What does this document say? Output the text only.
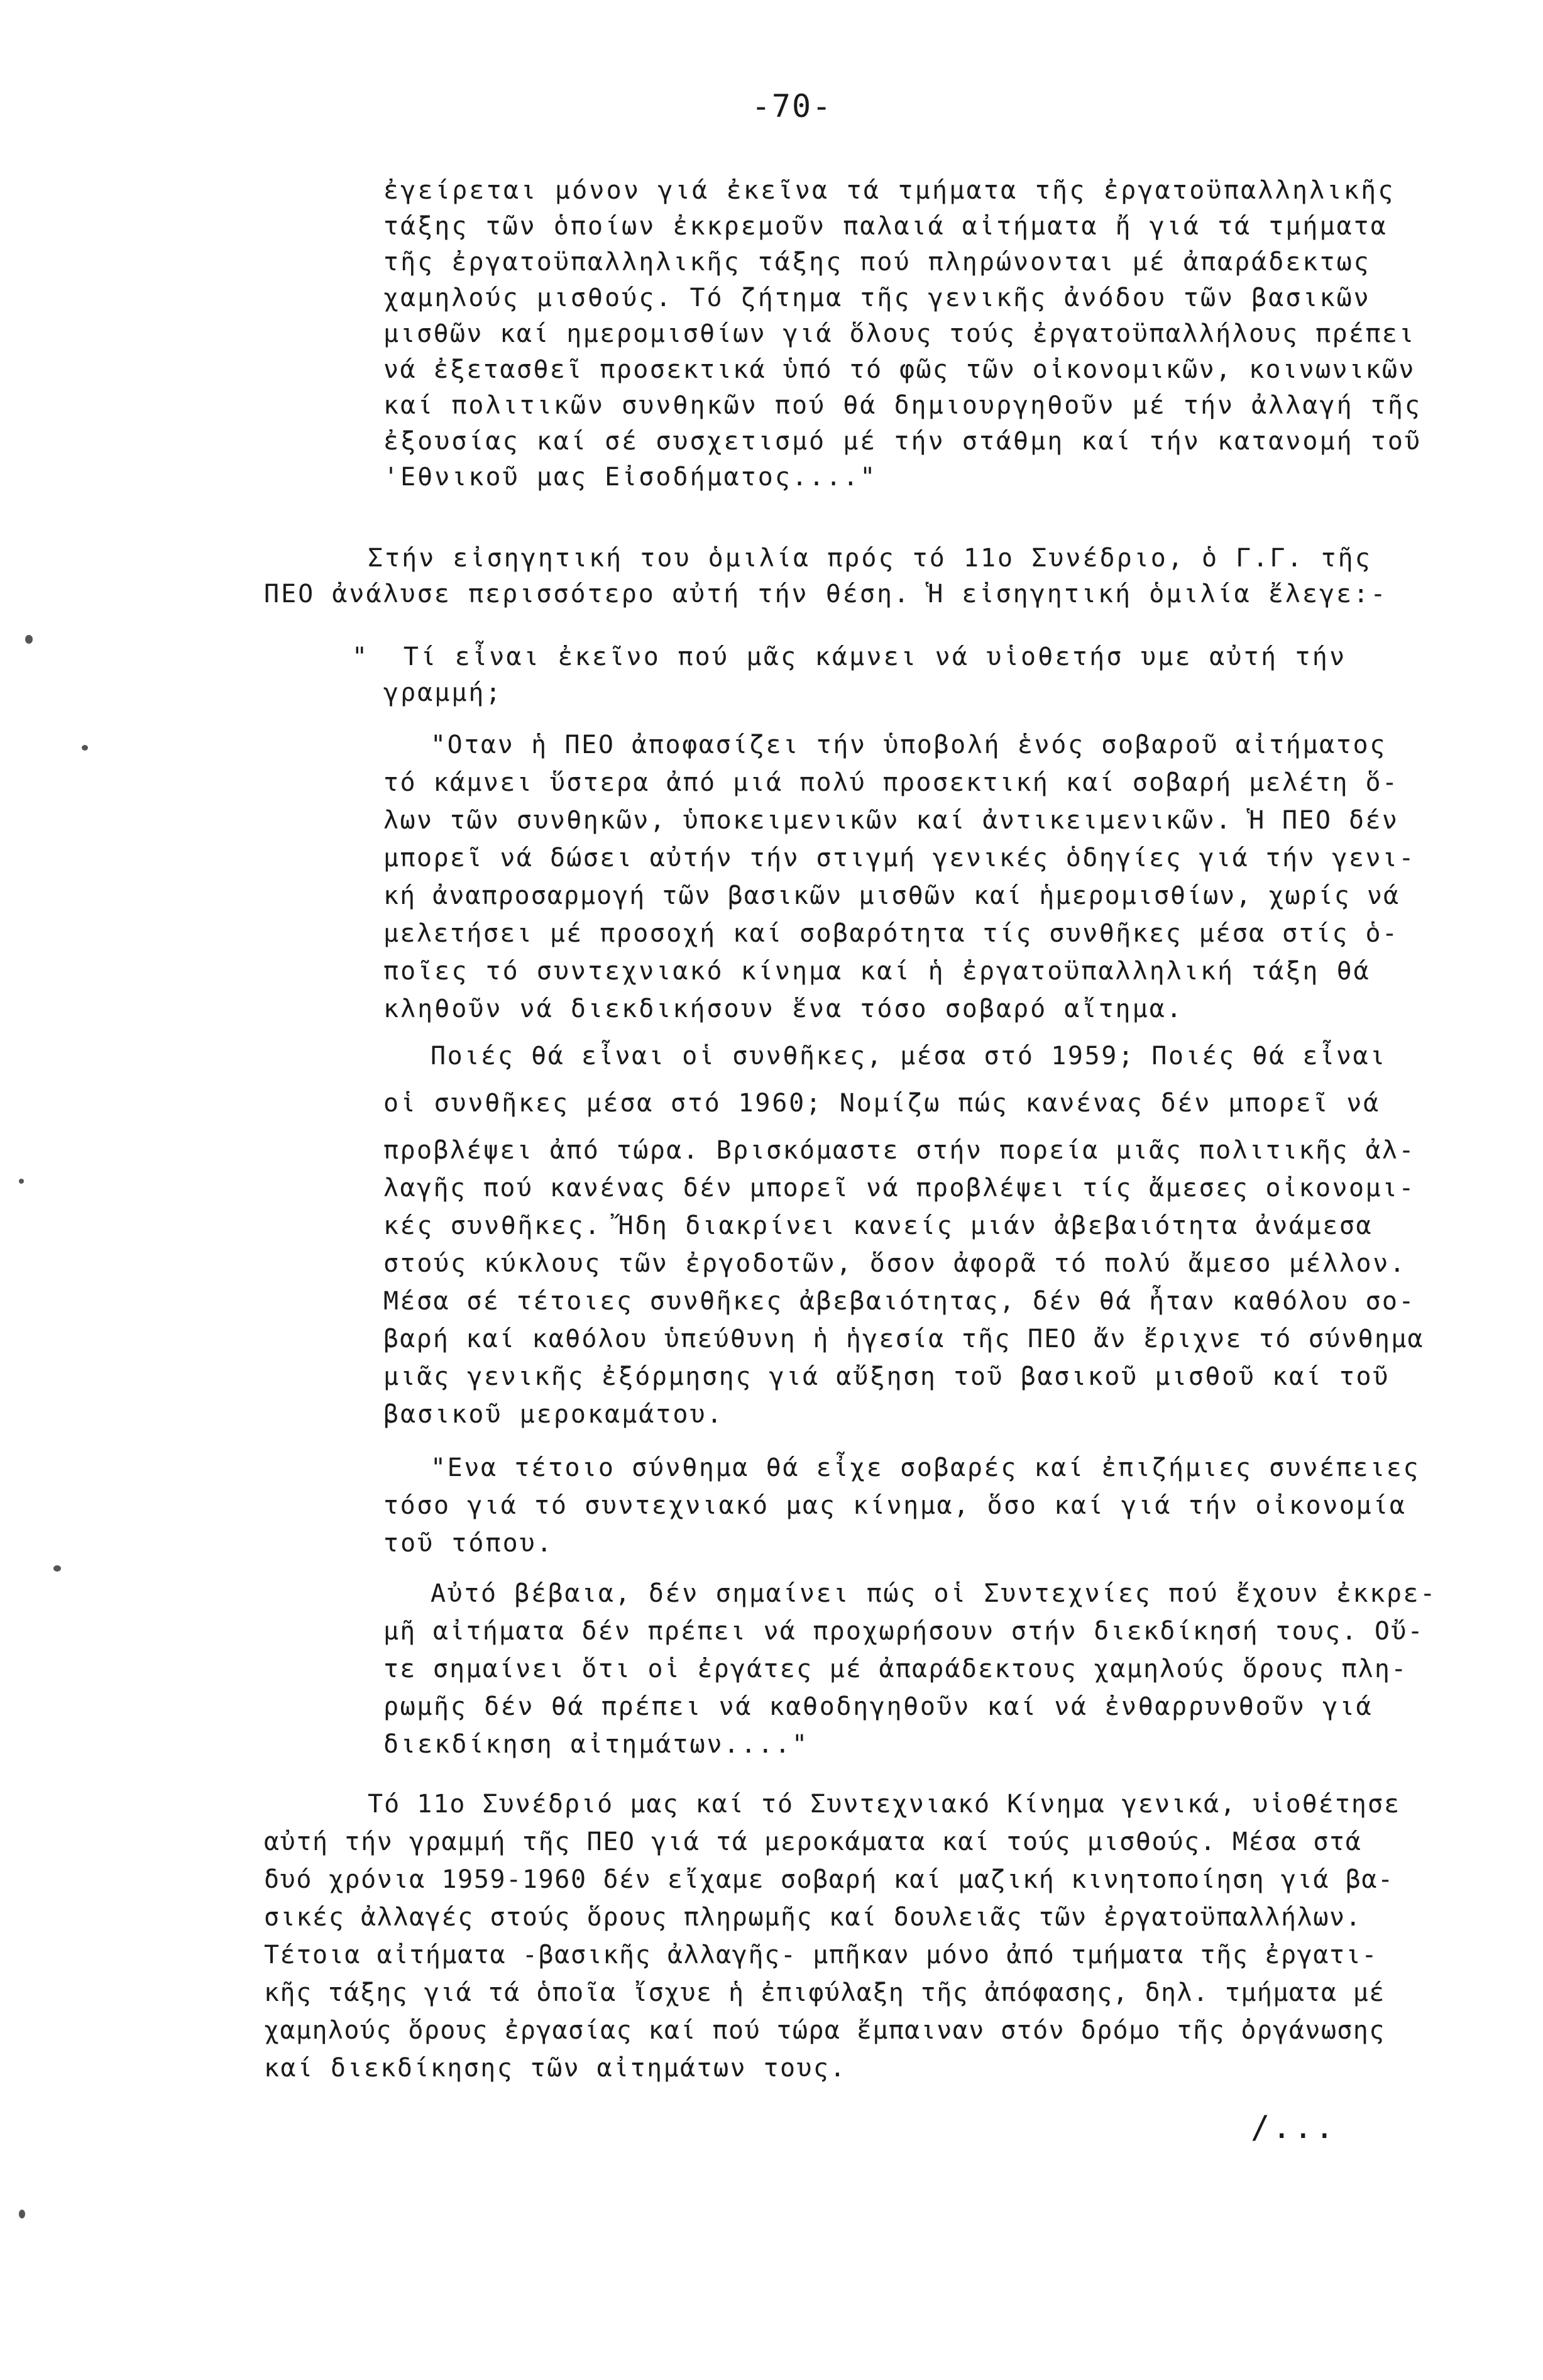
-70-
ἐγείρεται μόνον γιά ἐκεῖνα τά τμήματα τῆς ἐργατοϋπαλληλικῆς
τάξης τῶν ὁποίων ἐκκρεμοῦν παλαιά αἰτήματα ἤ γιά τά τμήματα
τῆς ἐργατοϋπαλληλικῆς τάξης πού πληρώνονται μέ ἀπαράδεκτως
χαμηλούς μισθούς. Τό ζήτημα τῆς γενικῆς ἀνόδου τῶν βασικῶν
μισθῶν καί ημερομισθίων γιά ὅλους τούς ἐργατοϋπαλλήλους πρέπει
νά ἐξετασθεῖ προσεκτικά ὑπό τό φῶς τῶν οἰκονομικῶν, κοινωνικῶν
καί πολιτικῶν συνθηκῶν πού θά δημιουργηθοῦν μέ τήν ἀλλαγή τῆς
ἐξουσίας καί σέ συσχετισμό μέ τήν στάθμη καί τήν κατανομή τοῦ
'Εθνικοῦ μας Εἰσοδήματος...."
Στήν εἰσηγητική του ὁμιλία πρός τό 11ο Συνέδριο, ὁ Γ.Γ. τῆς
ΠΕΟ ἀνάλυσε περισσότερο αὐτή τήν θέση. Ἡ εἰσηγητική ὁμιλία ἔλεγε:-
"  Τί εἶναι ἐκεῖνο πού μᾶς κάμνει νά υἱοθετήσ υμε αὐτή τήν
γραμμή;
"Οταν ἡ ΠΕΟ ἀποφασίζει τήν ὑποβολή ἑνός σοβαροῦ αἰτήματος
τό κάμνει ὕστερα ἀπό μιά πολύ προσεκτική καί σοβαρή μελέτη ὅ-
λων τῶν συνθηκῶν, ὑποκειμενικῶν καί ἀντικειμενικῶν. Ἡ ΠΕΟ δέν
μπορεῖ νά δώσει αὐτήν τήν στιγμή γενικές ὁδηγίες γιά τήν γενι-
κή ἀναπροσαρμογή τῶν βασικῶν μισθῶν καί ἡμερομισθίων, χωρίς νά
μελετήσει μέ προσοχή καί σοβαρότητα τίς συνθῆκες μέσα στίς ὁ-
ποῖες τό συντεχνιακό κίνημα καί ἡ ἐργατοϋπαλληλική τάξη θά
κληθοῦν νά διεκδικήσουν ἕνα τόσο σοβαρό αἴτημα.
Ποιές θά εἶναι οἱ συνθῆκες, μέσα στό 1959; Ποιές θά εἶναι
οἱ συνθῆκες μέσα στό 1960; Νομίζω πώς κανένας δέν μπορεῖ νά
προβλέψει ἀπό τώρα. Βρισκόμαστε στήν πορεία μιᾶς πολιτικῆς ἀλ-
λαγῆς πού κανένας δέν μπορεῖ νά προβλέψει τίς ἄμεσες οἰκονομι-
κές συνθῆκες. Ἤδη διακρίνει κανείς μιάν ἀβεβαιότητα ἀνάμεσα
στούς κύκλους τῶν ἐργοδοτῶν, ὅσον ἀφορᾶ τό πολύ ἄμεσο μέλλον.
Μέσα σέ τέτοιες συνθῆκες ἀβεβαιότητας, δέν θά ἦταν καθόλου σο-
βαρή καί καθόλου ὑπεύθυνη ἡ ἡγεσία τῆς ΠΕΟ ἄν ἔριχνε τό σύνθημα
μιᾶς γενικῆς ἐξόρμησης γιά αὔξηση τοῦ βασικοῦ μισθοῦ καί τοῦ
βασικοῦ μεροκαμάτου.
"Ενα τέτοιο σύνθημα θά εἶχε σοβαρές καί ἐπιζήμιες συνέπειες
τόσο γιά τό συντεχνιακό μας κίνημα, ὅσο καί γιά τήν οἰκονομία
τοῦ τόπου.
Αὐτό βέβαια, δέν σημαίνει πώς οἱ Συντεχνίες πού ἔχουν ἐκκρε-
μῆ αἰτήματα δέν πρέπει νά προχωρήσουν στήν διεκδίκησή τους. Οὔ-
τε σημαίνει ὅτι οἱ ἐργάτες μέ ἀπαράδεκτους χαμηλούς ὅρους πλη-
ρωμῆς δέν θά πρέπει νά καθοδηγηθοῦν καί νά ἐνθαρρυνθοῦν γιά
διεκδίκηση αἰτημάτων...."
Τό 11ο Συνέδριό μας καί τό Συντεχνιακό Κίνημα γενικά, υἱοθέτησε
αὐτή τήν γραμμή τῆς ΠΕΟ γιά τά μεροκάματα καί τούς μισθούς. Μέσα στά
δυό χρόνια 1959-1960 δέν εἴχαμε σοβαρή καί μαζική κινητοποίηση γιά βα-
σικές ἀλλαγές στούς ὅρους πληρωμῆς καί δουλειᾶς τῶν ἐργατοϋπαλλήλων.
Τέτοια αἰτήματα -βασικῆς ἀλλαγῆς- μπῆκαν μόνο ἀπό τμήματα τῆς ἐργατι-
κῆς τάξης γιά τά ὁποῖα ἴσχυε ἡ ἐπιφύλαξη τῆς ἀπόφασης, δηλ. τμήματα μέ
χαμηλούς ὅρους ἐργασίας καί πού τώρα ἔμπαιναν στόν δρόμο τῆς ὀργάνωσης
καί διεκδίκησης τῶν αἰτημάτων τους.
/...
